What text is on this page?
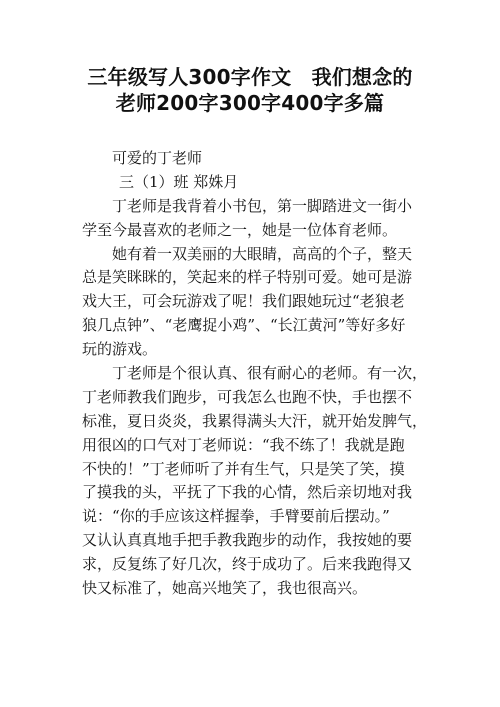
三年级写人300字作文　我们想念的
老师200字300字400字多篇
可爱的丁老师
三（1）班 郑姝月
丁老师是我背着小书包，第一脚踏进文一街小
学至今最喜欢的老师之一，她是一位体育老师。
她有着一双美丽的大眼睛，高高的个子，整天
总是笑眯眯的，笑起来的样子特别可爱。她可是游
戏大王，可会玩游戏了呢！我们跟她玩过“老狼老
狼几点钟”、“老鹰捉小鸡”、“长江黄河”等好多好
玩的游戏。
丁老师是个很认真、很有耐心的老师。有一次，
丁老师教我们跑步，可我怎么也跑不快，手也摆不
标准，夏日炎炎，我累得满头大汗，就开始发脾气，
用很凶的口气对丁老师说：“我不练了！我就是跑
不快的！”丁老师听了并有生气，只是笑了笑，摸
了摸我的头，平抚了下我的心情，然后亲切地对我
说：“你的手应该这样握拳，手臂要前后摆动。”
又认认真真地手把手教我跑步的动作，我按她的要
求，反复练了好几次，终于成功了。后来我跑得又
快又标准了，她高兴地笑了，我也很高兴。
